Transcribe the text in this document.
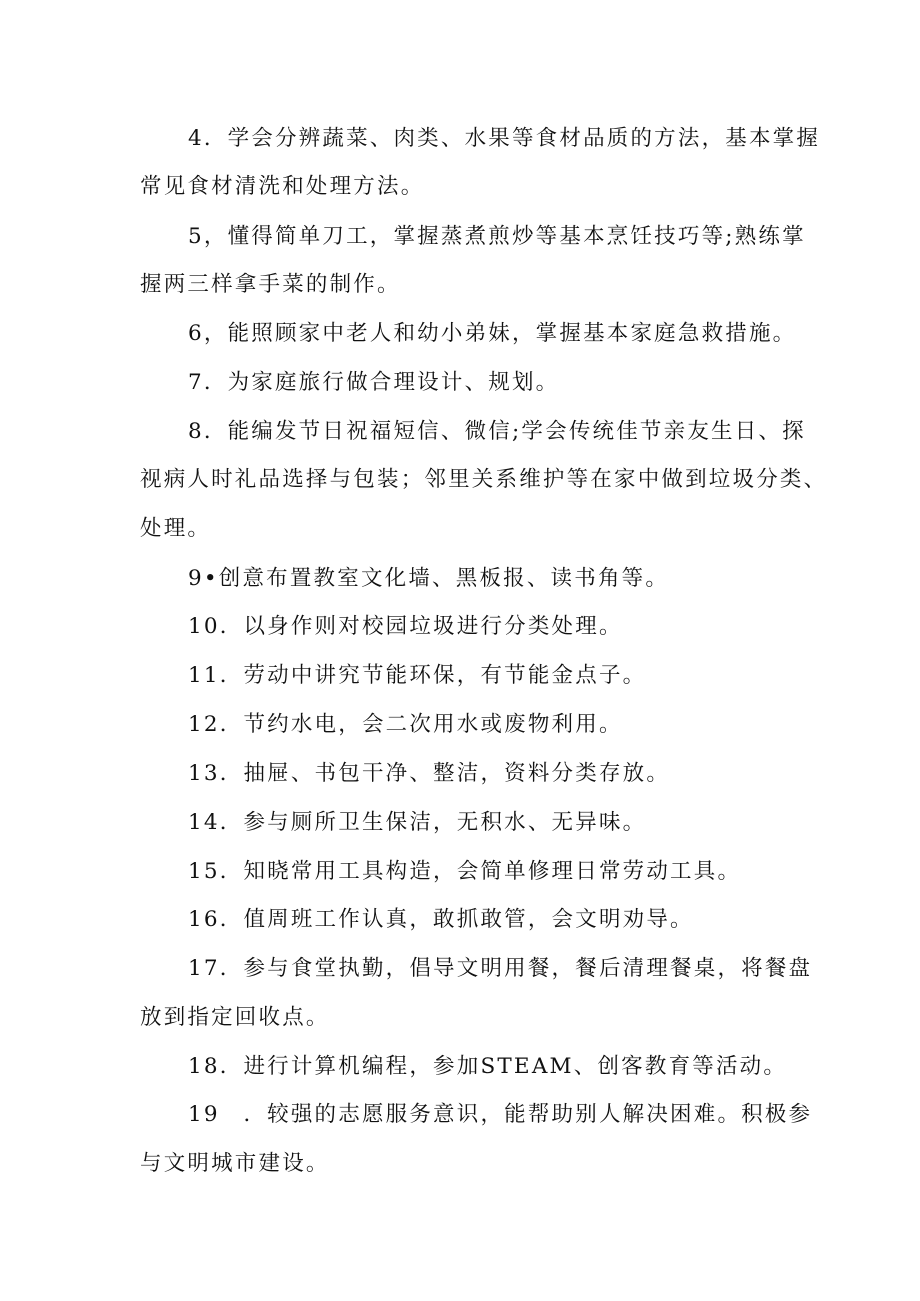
4．学会分辨蔬菜、肉类、水果等食材品质的方法，基本掌握
常见食材清洗和处理方法。
5，懂得简单刀工，掌握蒸煮煎炒等基本烹饪技巧等;熟练掌
握两三样拿手菜的制作。
6，能照顾家中老人和幼小弟妹，掌握基本家庭急救措施。
7．为家庭旅行做合理设计、规划。
8．能编发节日祝福短信、微信;学会传统佳节亲友生日、探
视病人时礼品选择与包装；邻里关系维护等在家中做到垃圾分类、
处理。
9•创意布置教室文化墙、黑板报、读书角等。
10．以身作则对校园垃圾进行分类处理。
11．劳动中讲究节能环保，有节能金点子。
12．节约水电，会二次用水或废物利用。
13．抽屉、书包干净、整洁，资料分类存放。
14．参与厕所卫生保洁，无积水、无异味。
15．知晓常用工具构造，会简单修理日常劳动工具。
16．值周班工作认真，敢抓敢管，会文明劝导。
17．参与食堂执勤，倡导文明用餐，餐后清理餐桌，将餐盘
放到指定回收点。
18．进行计算机编程，参加STEAM、创客教育等活动。
19　．较强的志愿服务意识，能帮助别人解决困难。积极参
与文明城市建设。
